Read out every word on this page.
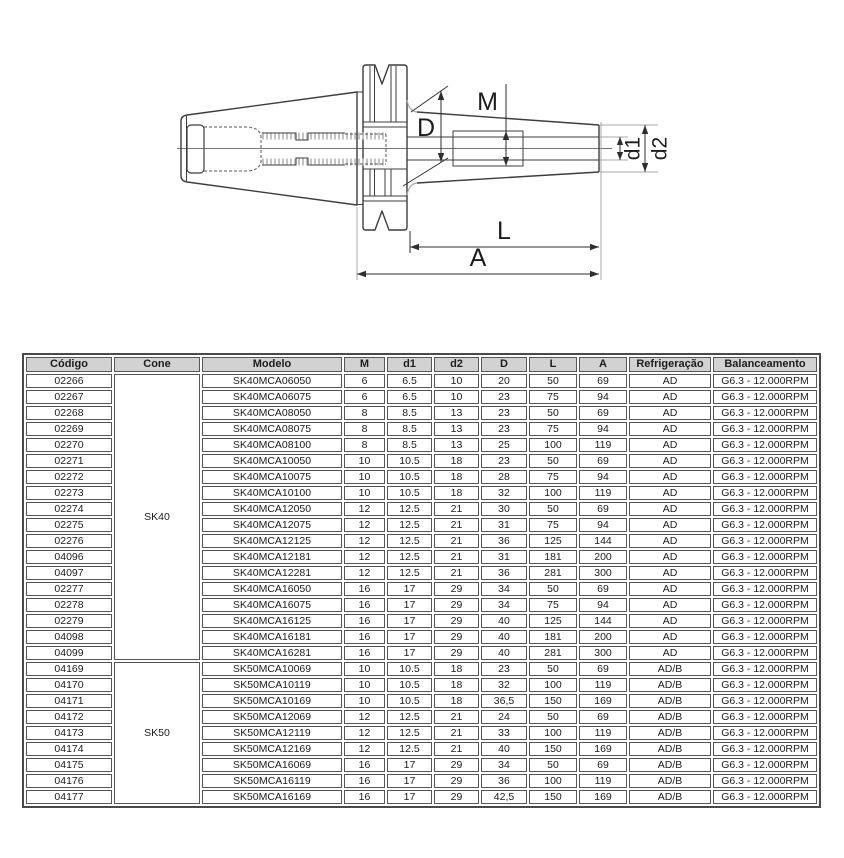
M
D
L
A
d1 d2
Código	Cone	Modelo	M	d1	d2	D	L	A	Refrigeração	Balanceamento
02266	SK40	SK40MCA06050	6	6.5	10	20	50	69	AD	G6.3 - 12.000RPM
02267		SK40MCA06075	6	6.5	10	23	75	94	AD	G6.3 - 12.000RPM
02268		SK40MCA08050	8	8.5	13	23	50	69	AD	G6.3 - 12.000RPM
02269		SK40MCA08075	8	8.5	13	23	75	94	AD	G6.3 - 12.000RPM
02270		SK40MCA08100	8	8.5	13	25	100	119	AD	G6.3 - 12.000RPM
02271		SK40MCA10050	10	10.5	18	23	50	69	AD	G6.3 - 12.000RPM
02272		SK40MCA10075	10	10.5	18	28	75	94	AD	G6.3 - 12.000RPM
02273		SK40MCA10100	10	10.5	18	32	100	119	AD	G6.3 - 12.000RPM
02274		SK40MCA12050	12	12.5	21	30	50	69	AD	G6.3 - 12.000RPM
02275		SK40MCA12075	12	12.5	21	31	75	94	AD	G6.3 - 12.000RPM
02276		SK40MCA12125	12	12.5	21	36	125	144	AD	G6.3 - 12.000RPM
04096		SK40MCA12181	12	12.5	21	31	181	200	AD	G6.3 - 12.000RPM
04097		SK40MCA12281	12	12.5	21	36	281	300	AD	G6.3 - 12.000RPM
02277		SK40MCA16050	16	17	29	34	50	69	AD	G6.3 - 12.000RPM
02278		SK40MCA16075	16	17	29	34	75	94	AD	G6.3 - 12.000RPM
02279		SK40MCA16125	16	17	29	40	125	144	AD	G6.3 - 12.000RPM
04098		SK40MCA16181	16	17	29	40	181	200	AD	G6.3 - 12.000RPM
04099		SK40MCA16281	16	17	29	40	281	300	AD	G6.3 - 12.000RPM
04169	SK50	SK50MCA10069	10	10.5	18	23	50	69	AD/B	G6.3 - 12.000RPM
04170		SK50MCA10119	10	10.5	18	32	100	119	AD/B	G6.3 - 12.000RPM
04171		SK50MCA10169	10	10.5	18	36,5	150	169	AD/B	G6.3 - 12.000RPM
04172		SK50MCA12069	12	12.5	21	24	50	69	AD/B	G6.3 - 12.000RPM
04173		SK50MCA12119	12	12.5	21	33	100	119	AD/B	G6.3 - 12.000RPM
04174		SK50MCA12169	12	12.5	21	40	150	169	AD/B	G6.3 - 12.000RPM
04175		SK50MCA16069	16	17	29	34	50	69	AD/B	G6.3 - 12.000RPM
04176		SK50MCA16119	16	17	29	36	100	119	AD/B	G6.3 - 12.000RPM
04177		SK50MCA16169	16	17	29	42,5	150	169	AD/B	G6.3 - 12.000RPM
